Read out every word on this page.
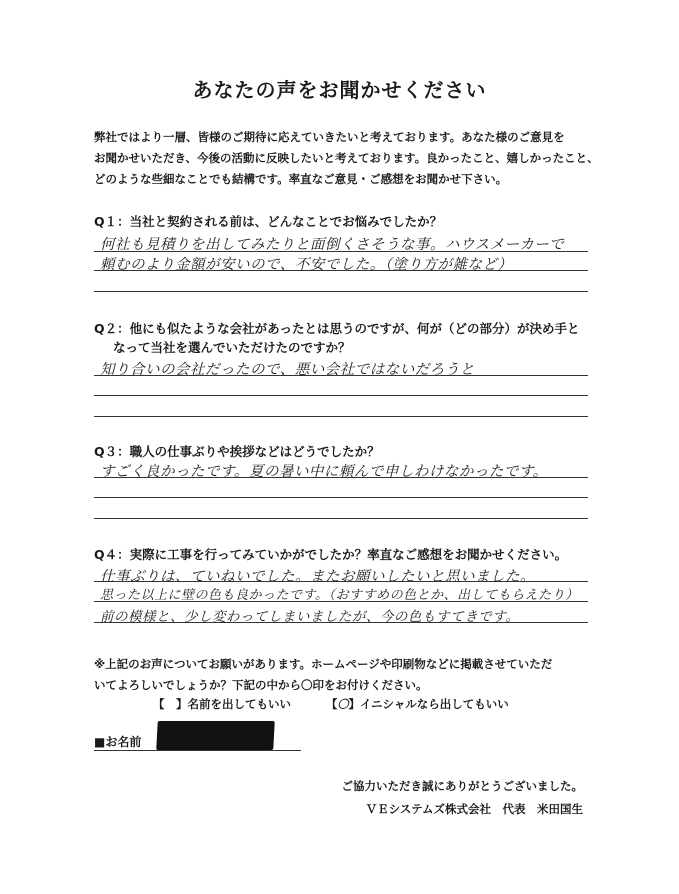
あなたの声をお聞かせください
弊社ではより一層、皆様のご期待に応えていきたいと考えております。あなた様のご意見を
お聞かせいただき、今後の活動に反映したいと考えております。良かったこと、嬉しかったこと、
どのような些細なことでも結構です。率直なご意見・ご感想をお聞かせ下さい。
Q１：当社と契約される前は、どんなことでお悩みでしたか？
何社も見積りを出してみたりと面倒くさそうな事。ハウスメーカーで
頼むのより金額が安いので、不安でした。（塗り方が雑など）
Q２：他にも似たような会社があったとは思うのですが、何が（どの部分）が決め手と
なって当社を選んでいただけたのですか？
知り合いの会社だったので、悪い会社ではないだろうと
Q３：職人の仕事ぶりや挨拶などはどうでしたか？
すごく良かったです。夏の暑い中に頼んで申しわけなかったです。
Q４：実際に工事を行ってみていかがでしたか？率直なご感想をお聞かせください。
仕事ぶりは、ていねいでした。またお願いしたいと思いました。
思った以上に壁の色も良かったです。（おすすめの色とか、出してもらえたり）
前の模様と、少し変わってしまいましたが、今の色もすてきです。
※上記のお声についてお願いがあります。ホームページや印刷物などに掲載させていただ
いてよろしいでしょうか？下記の中から〇印をお付けください。
【　】名前を出してもいい	【〇】イニシャルなら出してもいい
■お名前
ご協力いただき誠にありがとうございました。
ＶＥシステムズ株式会社　代表　米田国生
